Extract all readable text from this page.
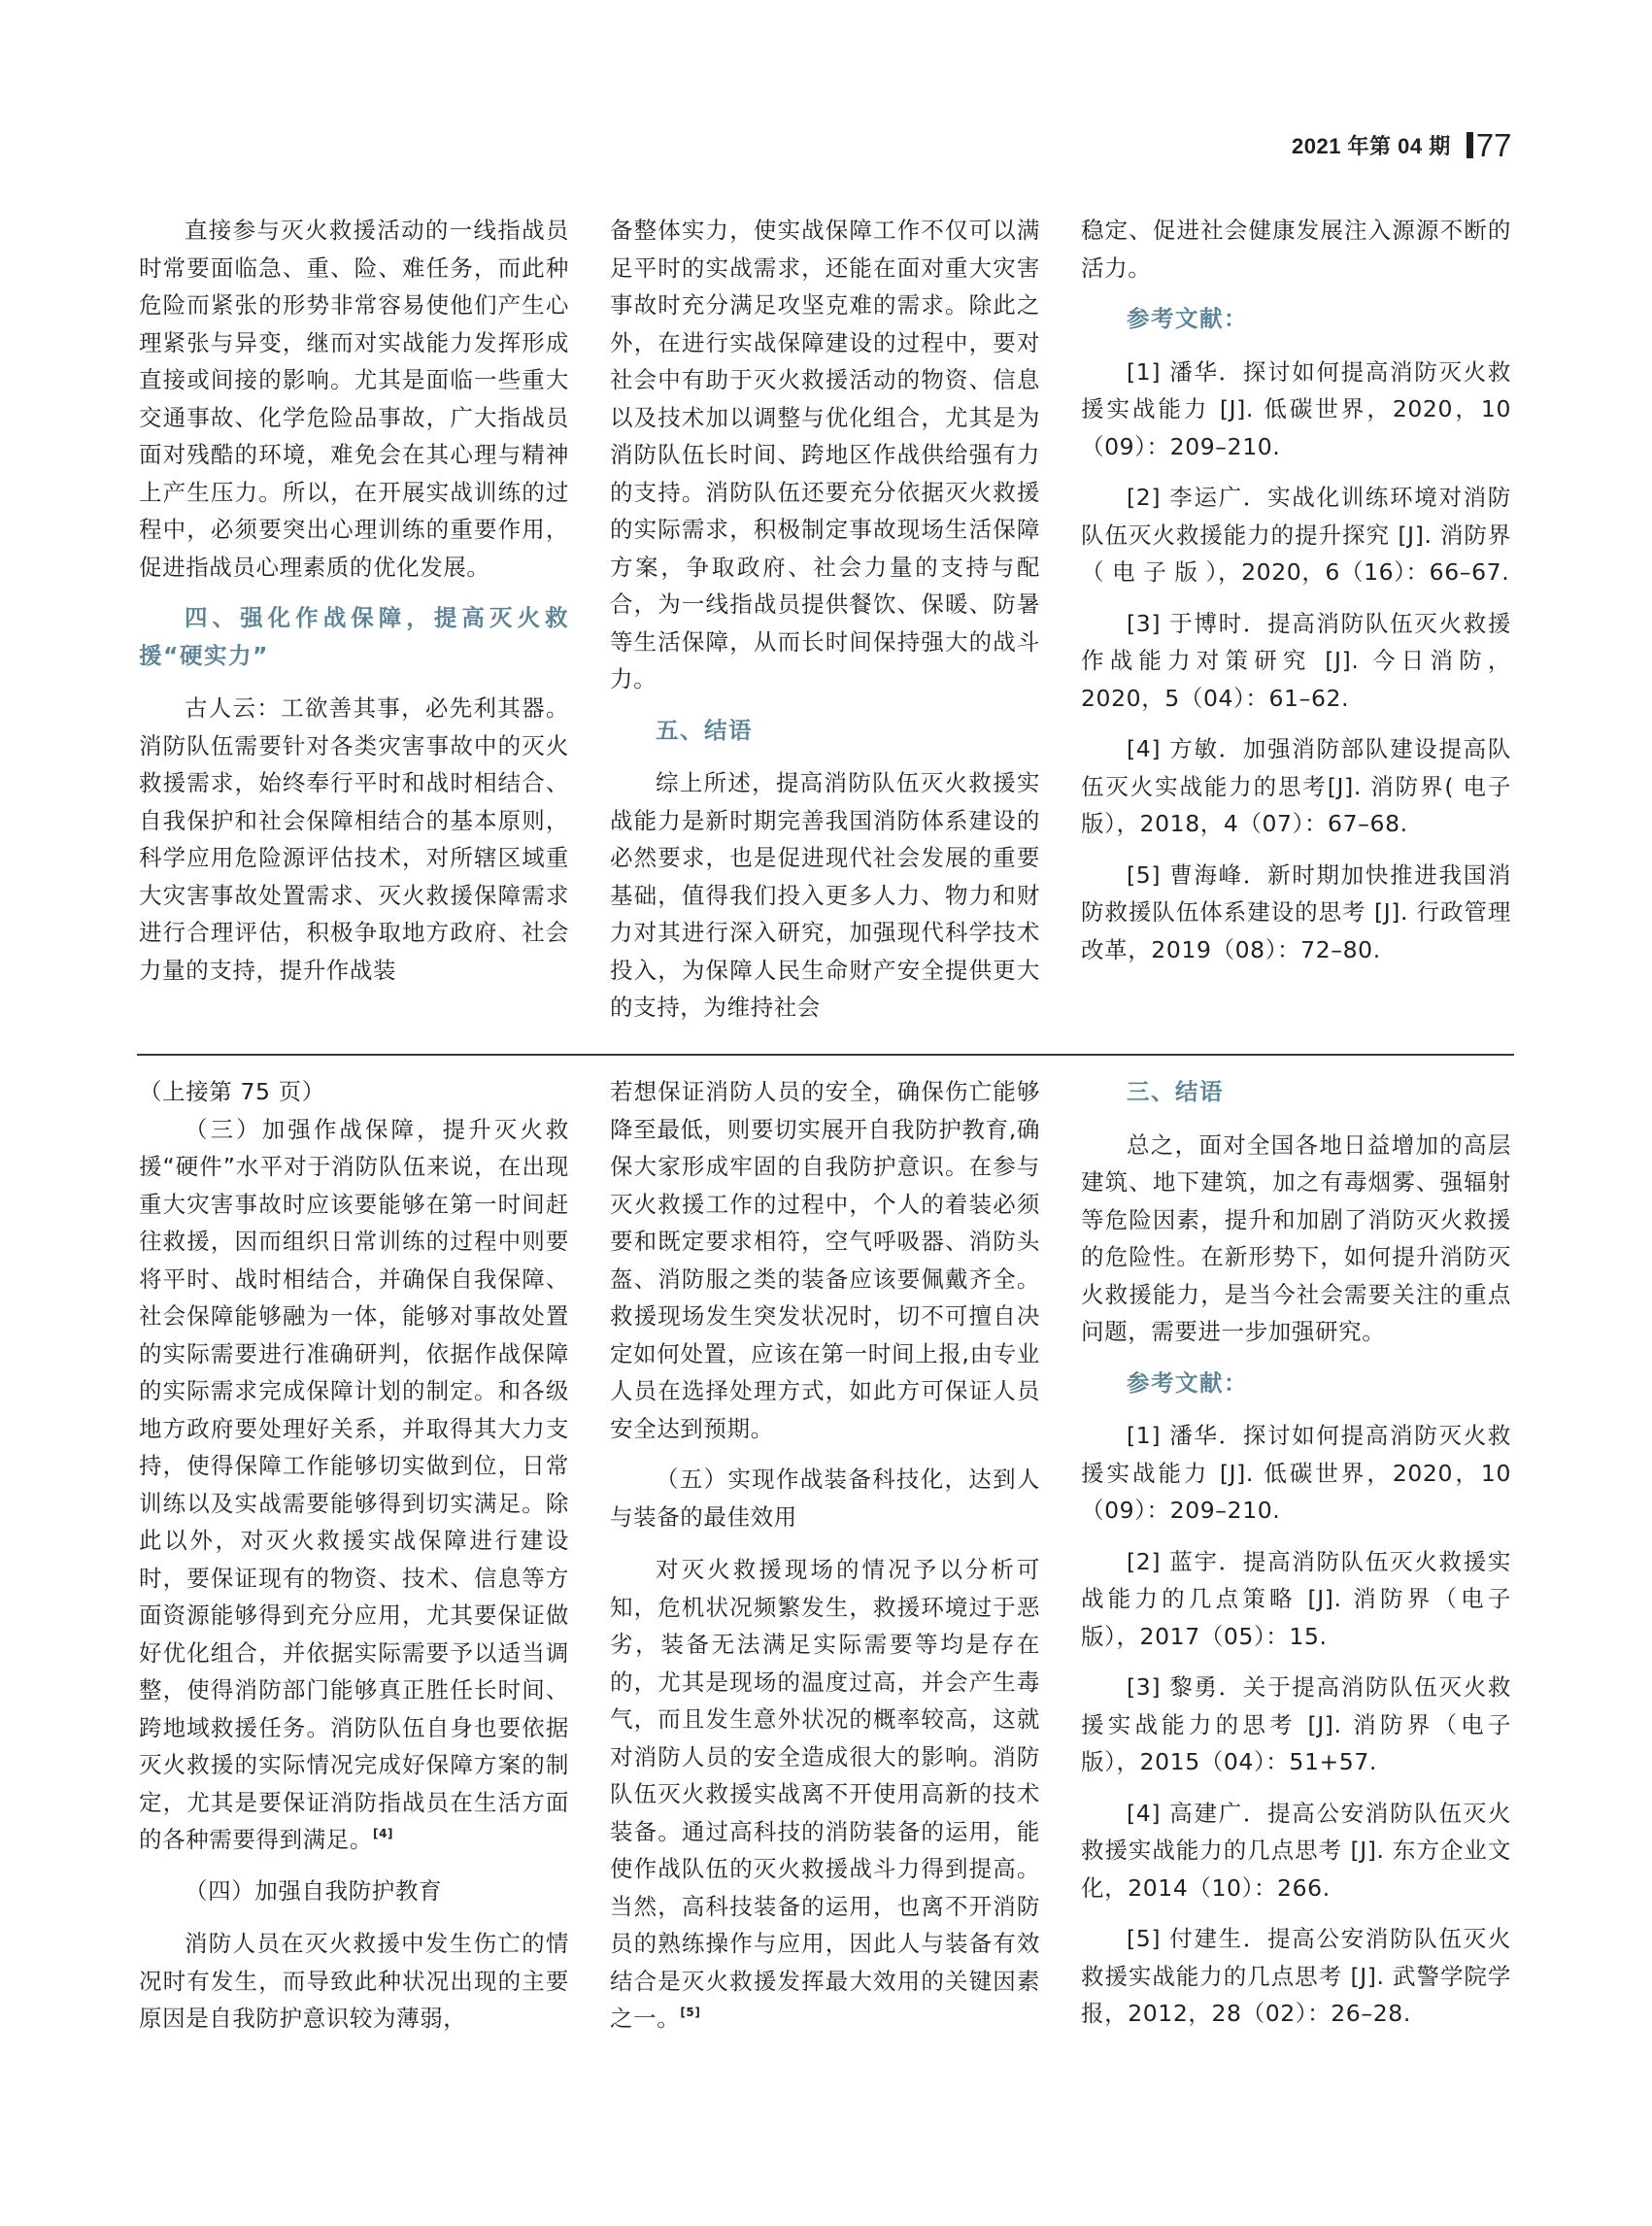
2021 年第 04 期 77

直接参与灭火救援活动的一线指战员时常要面临急、重、险、难任务，而此种危险而紧张的形势非常容易使他们产生心理紧张与异变，继而对实战能力发挥形成直接或间接的影响。尤其是面临一些重大交通事故、化学危险品事故，广大指战员面对残酷的环境，难免会在其心理与精神上产生压力。所以，在开展实战训练的过程中，必须要突出心理训练的重要作用，促进指战员心理素质的优化发展。

四、强化作战保障，提高灭火救援“硬实力”

古人云：工欲善其事，必先利其器。消防队伍需要针对各类灾害事故中的灭火救援需求，始终奉行平时和战时相结合、自我保护和社会保障相结合的基本原则，科学应用危险源评估技术，对所辖区域重大灾害事故处置需求、灭火救援保障需求进行合理评估，积极争取地方政府、社会力量的支持，提升作战装

备整体实力，使实战保障工作不仅可以满足平时的实战需求，还能在面对重大灾害事故时充分满足攻坚克难的需求。除此之外，在进行实战保障建设的过程中，要对社会中有助于灭火救援活动的物资、信息以及技术加以调整与优化组合，尤其是为消防队伍长时间、跨地区作战供给强有力的支持。消防队伍还要充分依据灭火救援的实际需求，积极制定事故现场生活保障方案，争取政府、社会力量的支持与配合，为一线指战员提供餐饮、保暖、防暑等生活保障，从而长时间保持强大的战斗力。

五、结语

综上所述，提高消防队伍灭火救援实战能力是新时期完善我国消防体系建设的必然要求，也是促进现代社会发展的重要基础，值得我们投入更多人力、物力和财力对其进行深入研究，加强现代科学技术投入，为保障人民生命财产安全提供更大的支持，为维持社会

稳定、促进社会健康发展注入源源不断的活力。

参考文献：

[1] 潘华．探讨如何提高消防灭火救援实战能力 [J]. 低碳世界，2020，10（09）：209–210.

[2] 李运广．实战化训练环境对消防队伍灭火救援能力的提升探究 [J]. 消防界（ 电 子 版 ），2020，6（16）：66–67.

[3] 于博时．提高消防队伍灭火救援作战能力对策研究 [J]. 今日消防，2020，5（04）：61–62.

[4] 方敏．加强消防部队建设提高队伍灭火实战能力的思考[J]. 消防界( 电子版），2018，4（07）：67–68.

[5] 曹海峰．新时期加快推进我国消防救援队伍体系建设的思考 [J]. 行政管理改革，2019（08）：72–80.

（上接第 75 页）

（三）加强作战保障，提升灭火救援“硬件”水平对于消防队伍来说，在出现重大灾害事故时应该要能够在第一时间赶往救援，因而组织日常训练的过程中则要将平时、战时相结合，并确保自我保障、社会保障能够融为一体，能够对事故处置的实际需要进行准确研判，依据作战保障的实际需求完成保障计划的制定。和各级地方政府要处理好关系，并取得其大力支持，使得保障工作能够切实做到位，日常训练以及实战需要能够得到切实满足。除此以外，对灭火救援实战保障进行建设时，要保证现有的物资、技术、信息等方面资源能够得到充分应用，尤其要保证做好优化组合，并依据实际需要予以适当调整，使得消防部门能够真正胜任长时间、跨地域救援任务。消防队伍自身也要依据灭火救援的实际情况完成好保障方案的制定，尤其是要保证消防指战员在生活方面的各种需要得到满足。[4]

（四）加强自我防护教育

消防人员在灭火救援中发生伤亡的情况时有发生，而导致此种状况出现的主要原因是自我防护意识较为薄弱，

若想保证消防人员的安全，确保伤亡能够降至最低，则要切实展开自我防护教育,确保大家形成牢固的自我防护意识。在参与灭火救援工作的过程中，个人的着装必须要和既定要求相符，空气呼吸器、消防头盔、消防服之类的装备应该要佩戴齐全。救援现场发生突发状况时，切不可擅自决定如何处置，应该在第一时间上报,由专业人员在选择处理方式，如此方可保证人员安全达到预期。

（五）实现作战装备科技化，达到人与装备的最佳效用

对灭火救援现场的情况予以分析可知，危机状况频繁发生，救援环境过于恶劣，装备无法满足实际需要等均是存在的，尤其是现场的温度过高，并会产生毒气，而且发生意外状况的概率较高，这就对消防人员的安全造成很大的影响。消防队伍灭火救援实战离不开使用高新的技术装备。通过高科技的消防装备的运用，能使作战队伍的灭火救援战斗力得到提高。当然，高科技装备的运用，也离不开消防员的熟练操作与应用，因此人与装备有效结合是灭火救援发挥最大效用的关键因素之一。[5]

三、结语

总之，面对全国各地日益增加的高层建筑、地下建筑，加之有毒烟雾、强辐射等危险因素，提升和加剧了消防灭火救援的危险性。在新形势下，如何提升消防灭火救援能力，是当今社会需要关注的重点问题，需要进一步加强研究。

参考文献：

[1] 潘华．探讨如何提高消防灭火救援实战能力 [J]. 低碳世界，2020，10（09）：209–210.

[2] 蓝宇．提高消防队伍灭火救援实战能力的几点策略 [J]. 消防界（电子版），2017（05）：15.

[3] 黎勇．关于提高消防队伍灭火救援实战能力的思考 [J]. 消防界（电子版），2015（04）：51+57.

[4] 高建广．提高公安消防队伍灭火救援实战能力的几点思考 [J]. 东方企业文化，2014（10）：266.

[5] 付建生．提高公安消防队伍灭火救援实战能力的几点思考 [J]. 武警学院学报，2012，28（02）：26–28.
